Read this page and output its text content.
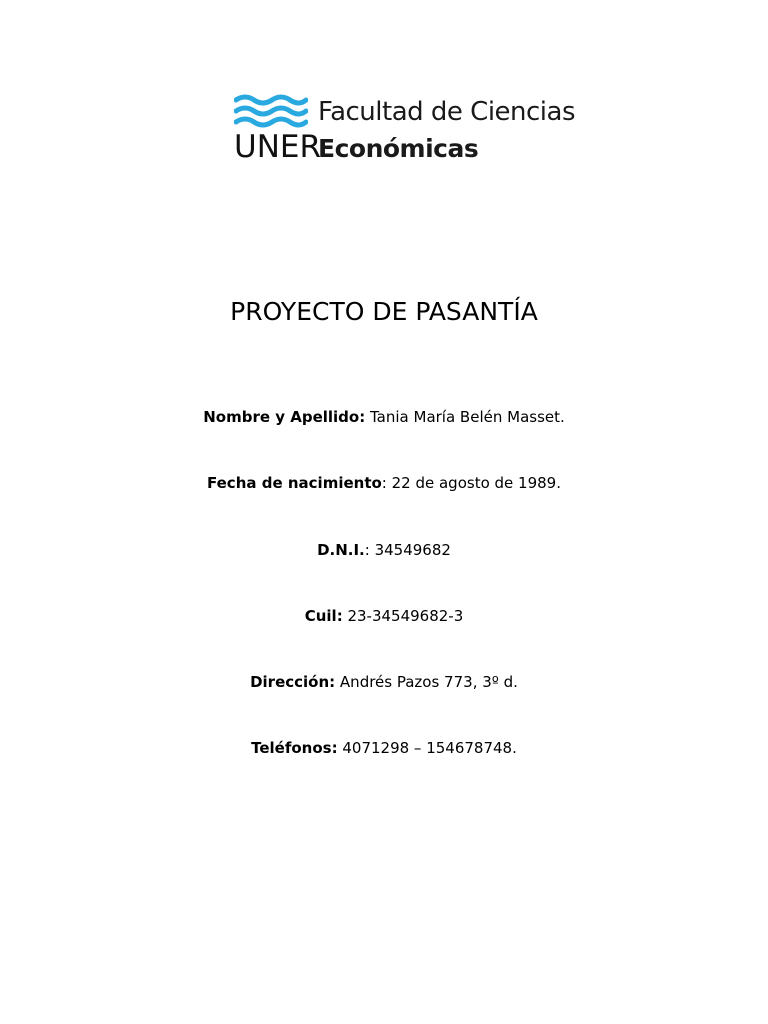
UNER
Facultad de Ciencias
Económicas
PROYECTO DE PASANTÍA
Nombre y Apellido: Tania María Belén Masset.
Fecha de nacimiento: 22 de agosto de 1989.
D.N.I.: 34549682
Cuil: 23-34549682-3
Dirección: Andrés Pazos 773, 3º d.
Teléfonos: 4071298 – 154678748.
